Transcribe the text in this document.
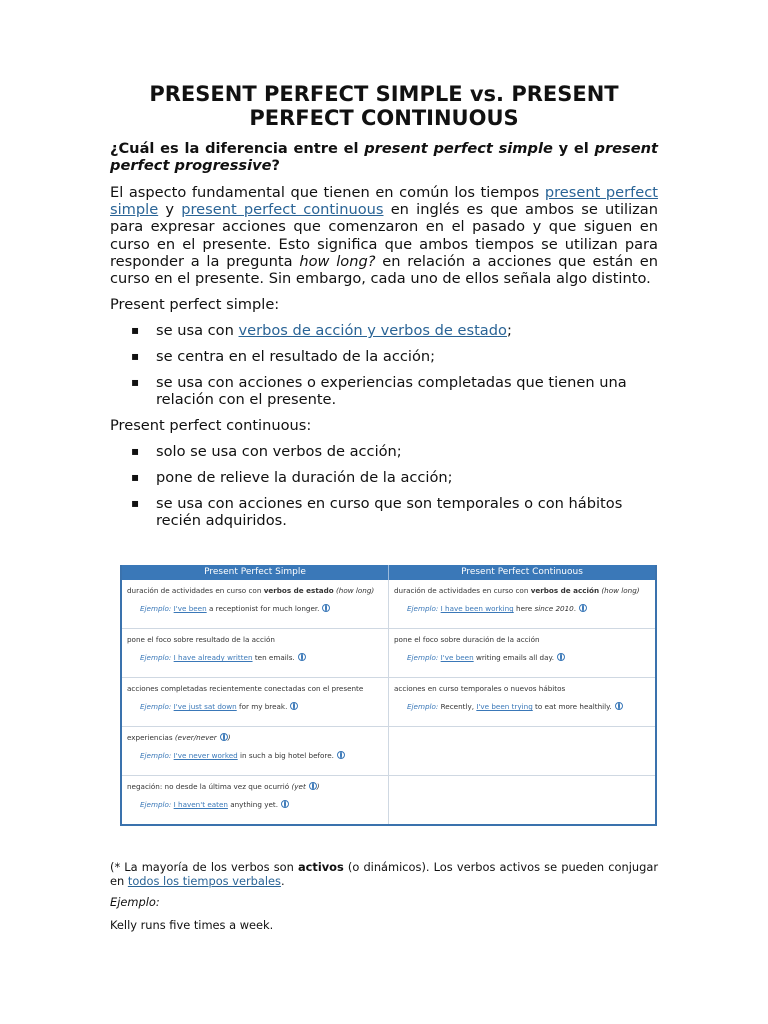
PRESENT PERFECT SIMPLE vs. PRESENT PERFECT CONTINUOUS
¿Cuál es la diferencia entre el present perfect simple y el present perfect progressive?
El aspecto fundamental que tienen en común los tiempos present perfect simple y present perfect continuous en inglés es que ambos se utilizan para expresar acciones que comenzaron en el pasado y que siguen en curso en el presente. Esto significa que ambos tiempos se utilizan para responder a la pregunta how long? en relación a acciones que están en curso en el presente. Sin embargo, cada uno de ellos señala algo distinto.
Present perfect simple:
▪ se usa con verbos de acción y verbos de estado;
▪ se centra en el resultado de la acción;
▪ se usa con acciones o experiencias completadas que tienen una relación con el presente.
Present perfect continuous:
▪ solo se usa con verbos de acción;
▪ pone de relieve la duración de la acción;
▪ se usa con acciones en curso que son temporales o con hábitos recién adquiridos.
Present Perfect Simple	Present Perfect Continuous
duración de actividades en curso con verbos de estado (how long)
Ejemplo: I've been a receptionist for much longer.
duración de actividades en curso con verbos de acción (how long)
Ejemplo: I have been working here since 2010.
pone el foco sobre resultado de la acción
Ejemplo: I have already written ten emails.
pone el foco sobre duración de la acción
Ejemplo: I've been writing emails all day.
acciones completadas recientemente conectadas con el presente
Ejemplo: I've just sat down for my break.
acciones en curso temporales o nuevos hábitos
Ejemplo: Recently, I've been trying to eat more healthily.
experiencias (ever/never )
Ejemplo: I've never worked in such a big hotel before.
negación: no desde la última vez que ocurrió (yet )
Ejemplo: I haven't eaten anything yet.
(* La mayoría de los verbos son activos (o dinámicos). Los verbos activos se pueden conjugar en todos los tiempos verbales.
Ejemplo:
Kelly runs five times a week.
